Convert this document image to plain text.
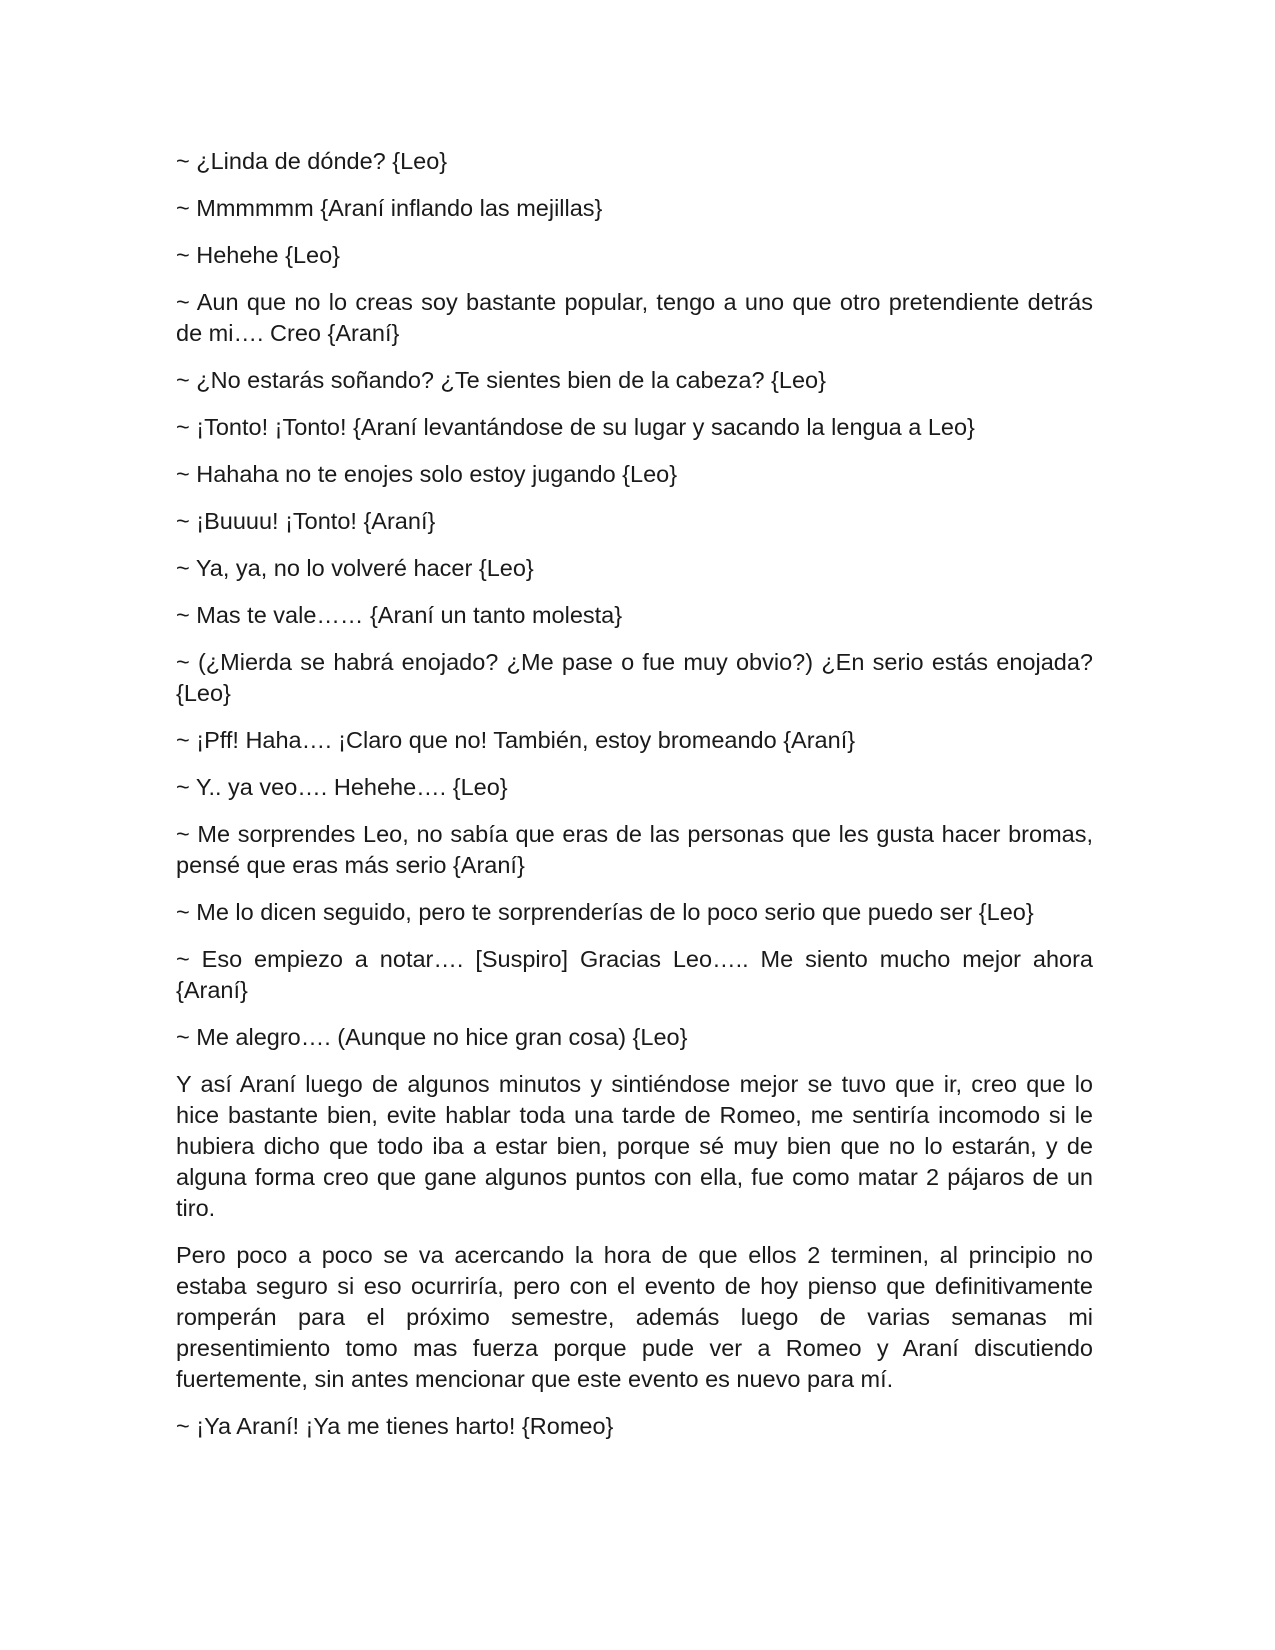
~ ¿Linda de dónde? {Leo}

~ Mmmmmm {Araní inflando las mejillas}

~ Hehehe {Leo}

~ Aun que no lo creas soy bastante popular, tengo a uno que otro pretendiente detrás de mi…. Creo {Araní}

~ ¿No estarás soñando? ¿Te sientes bien de la cabeza? {Leo}

~ ¡Tonto! ¡Tonto! {Araní levantándose de su lugar y sacando la lengua a Leo}

~ Hahaha no te enojes solo estoy jugando {Leo}

~ ¡Buuuu! ¡Tonto! {Araní}

~ Ya, ya, no lo volveré hacer {Leo}

~ Mas te vale…… {Araní un tanto molesta}

~ (¿Mierda se habrá enojado? ¿Me pase o fue muy obvio?) ¿En serio estás enojada? {Leo}

~ ¡Pff! Haha…. ¡Claro que no! También, estoy bromeando {Araní}

~ Y.. ya veo…. Hehehe…. {Leo}

~ Me sorprendes Leo, no sabía que eras de las personas que les gusta hacer bromas, pensé que eras más serio {Araní}

~ Me lo dicen seguido, pero te sorprenderías de lo poco serio que puedo ser {Leo}

~ Eso empiezo a notar…. [Suspiro] Gracias Leo….. Me siento mucho mejor ahora {Araní}

~ Me alegro…. (Aunque no hice gran cosa) {Leo}

Y así Araní luego de algunos minutos y sintiéndose mejor se tuvo que ir, creo que lo hice bastante bien, evite hablar toda una tarde de Romeo, me sentiría incomodo si le hubiera dicho que todo iba a estar bien, porque sé muy bien que no lo estarán, y de alguna forma creo que gane algunos puntos con ella, fue como matar 2 pájaros de un tiro.

Pero poco a poco se va acercando la hora de que ellos 2 terminen, al principio no estaba seguro si eso ocurriría, pero con el evento de hoy pienso que definitivamente romperán para el próximo semestre, además luego de varias semanas mi presentimiento tomo mas fuerza porque pude ver a Romeo y Araní discutiendo fuertemente, sin antes mencionar que este evento es nuevo para mí.

~ ¡Ya Araní! ¡Ya me tienes harto! {Romeo}
